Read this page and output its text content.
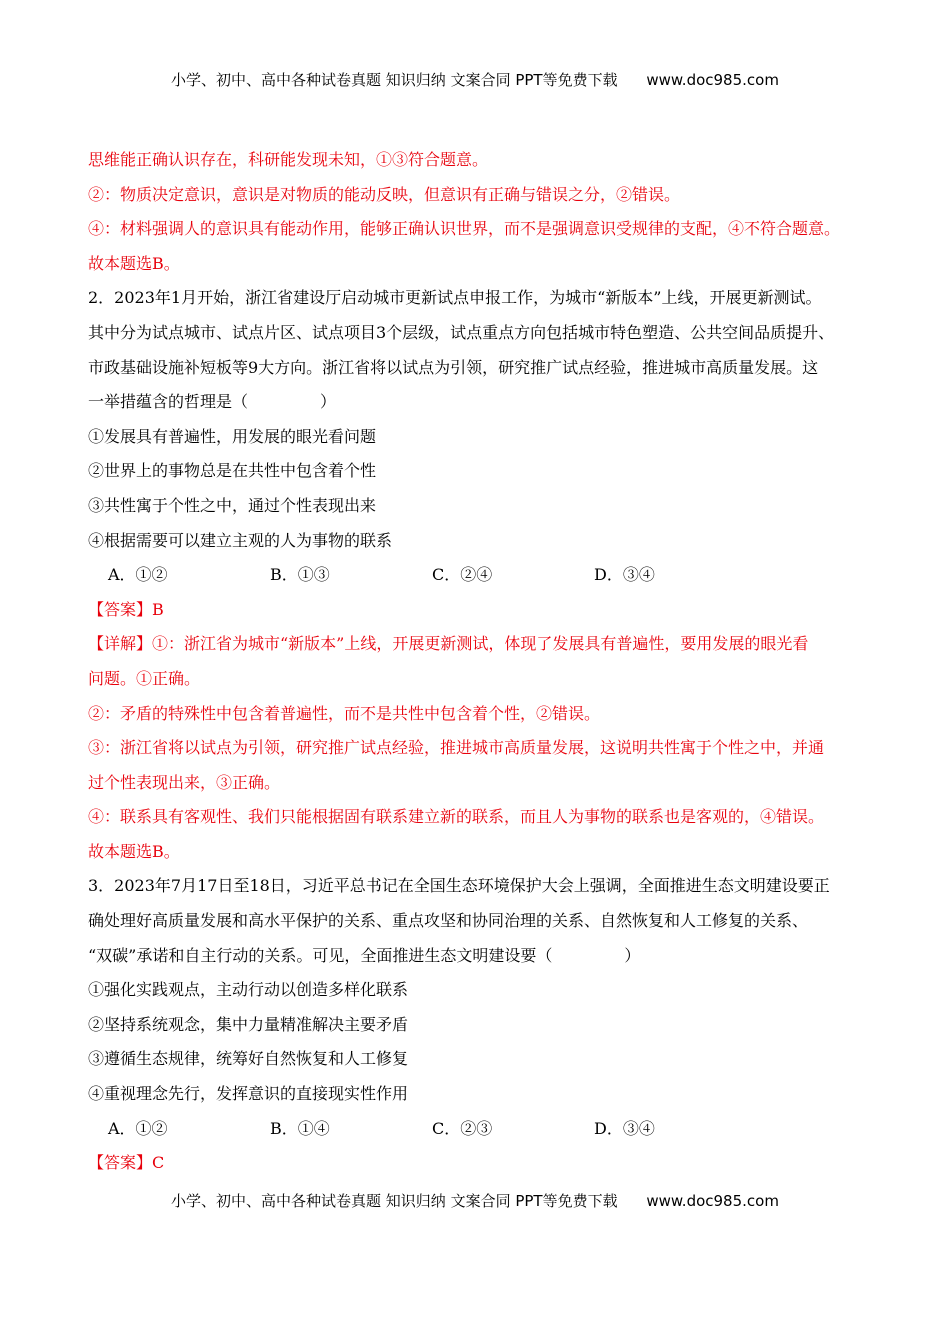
小学、初中、高中各种试卷真题 知识归纳 文案合同 PPT等免费下载 www.doc985.com
思维能正确认识存在，科研能发现未知，①③符合题意。
②：物质决定意识，意识是对物质的能动反映，但意识有正确与错误之分，②错误。
④：材料强调人的意识具有能动作用，能够正确认识世界，而不是强调意识受规律的支配，④不符合题意。
故本题选B。
2．2023年1月开始，浙江省建设厅启动城市更新试点申报工作，为城市“新版本”上线，开展更新测试。
其中分为试点城市、试点片区、试点项目3个层级，试点重点方向包括城市特色塑造、公共空间品质提升、
市政基础设施补短板等9大方向。浙江省将以试点为引领，研究推广试点经验，推进城市高质量发展。这
一举措蕴含的哲理是（	）
①发展具有普遍性，用发展的眼光看问题
②世界上的事物总是在共性中包含着个性
③共性寓于个性之中，通过个性表现出来
④根据需要可以建立主观的人为事物的联系
A．①②	B．①③	C．②④	D．③④
【答案】B
【详解】①：浙江省为城市“新版本”上线，开展更新测试，体现了发展具有普遍性，要用发展的眼光看
问题。①正确。
②：矛盾的特殊性中包含着普遍性，而不是共性中包含着个性，②错误。
③：浙江省将以试点为引领，研究推广试点经验，推进城市高质量发展，这说明共性寓于个性之中，并通
过个性表现出来，③正确。
④：联系具有客观性、我们只能根据固有联系建立新的联系，而且人为事物的联系也是客观的，④错误。
故本题选B。
3．2023年7月17日至18日，习近平总书记在全国生态环境保护大会上强调，全面推进生态文明建设要正
确处理好高质量发展和高水平保护的关系、重点攻坚和协同治理的关系、自然恢复和人工修复的关系、
“双碳”承诺和自主行动的关系。可见，全面推进生态文明建设要（	）
①强化实践观点，主动行动以创造多样化联系
②坚持系统观念，集中力量精准解决主要矛盾
③遵循生态规律，统筹好自然恢复和人工修复
④重视理念先行，发挥意识的直接现实性作用
A．①②	B．①④	C．②③	D．③④
【答案】C
小学、初中、高中各种试卷真题 知识归纳 文案合同 PPT等免费下载 www.doc985.com
